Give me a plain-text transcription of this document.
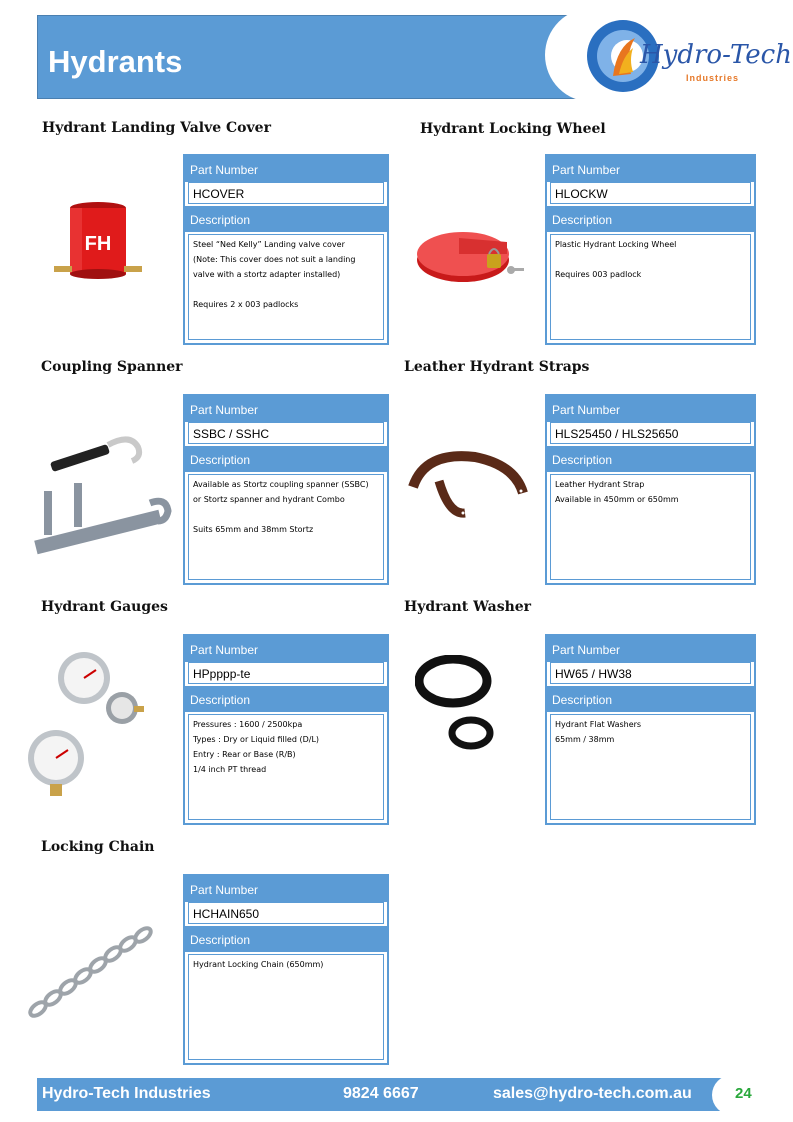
Hydrants	Hydro-Tech
Industries
Hydrant Landing Valve Cover	Hydrant Locking Wheel
Coupling Spanner	Leather Hydrant Straps
Hydrant Gauges	Hydrant Washer
Locking Chain
Part Number
HCOVER
Description
Steel “Ned Kelly” Landing valve cover
(Note: This cover does not suit a landing
valve with a stortz adapter installed)
Requires 2 x 003 padlocks
Part Number
HLOCKW
Description
Plastic Hydrant Locking Wheel
Requires 003 padlock
Part Number
SSBC / SSHC
Description
Available as Stortz coupling spanner (SSBC)
or Stortz spanner and hydrant Combo
Suits 65mm and 38mm Stortz
Part Number
HLS25450 / HLS25650
Description
Leather Hydrant Strap
Available in 450mm or 650mm
Part Number
HPpppp-te
Description
Pressures : 1600 / 2500kpa
Types : Dry or Liquid filled (D/L)
Entry : Rear or Base (R/B)
1/4 inch PT thread
Part Number
HW65 / HW38
Description
Hydrant Flat Washers
65mm / 38mm
Part Number
HCHAIN650
Description
Hydrant Locking Chain (650mm)
FH
Hydro-Tech Industries	9824 6667	sales@hydro-tech.com.au	24
